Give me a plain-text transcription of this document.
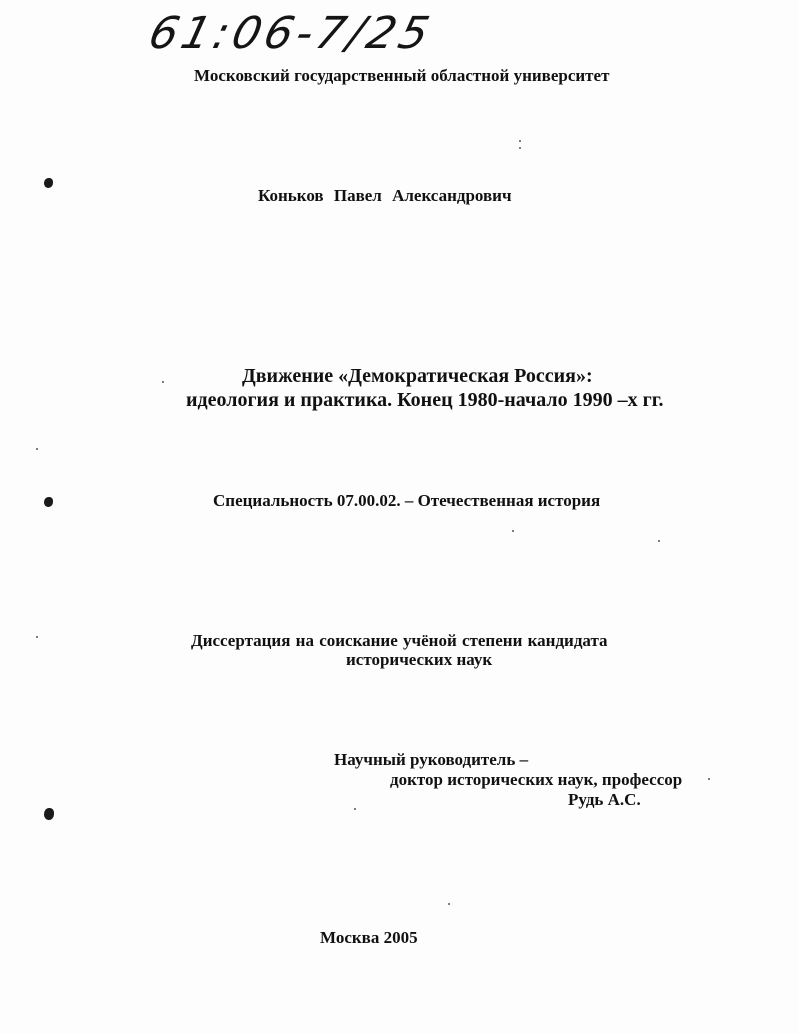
61:06-7/25
Московский государственный областной университет
Коньков Павел Александрович
Движение «Демократическая Россия»:
идеология и практика. Конец 1980-начало 1990 –х гг.
Специальность 07.00.02. – Отечественная история
Диссертация на соискание учёной степени кандидата
исторических наук
Научный руководитель –
доктор исторических наук, профессор
Рудь А.С.
Москва 2005
